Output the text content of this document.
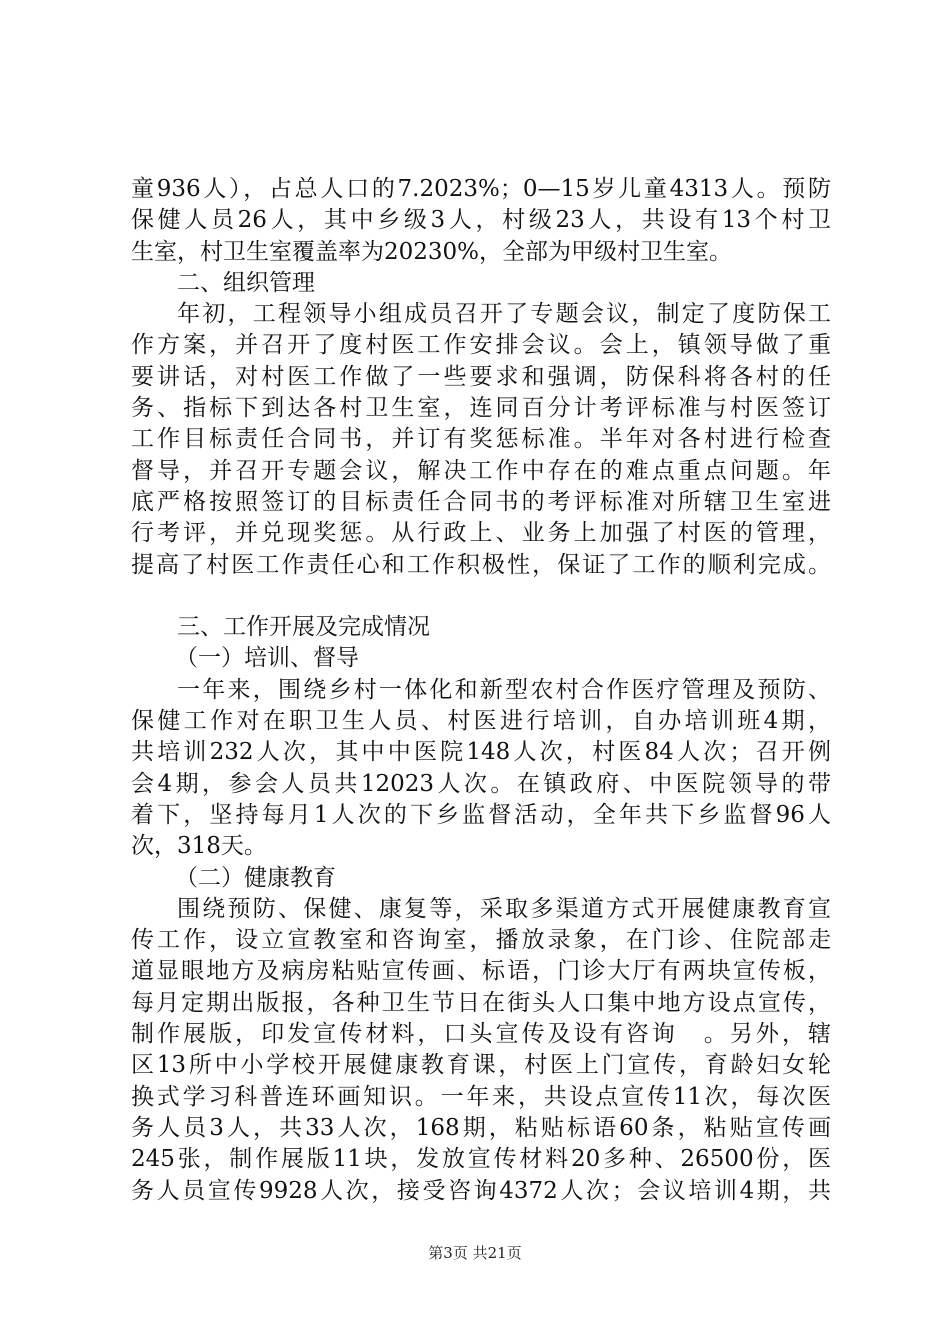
童936人），占总人口的7.2023%；0—15岁儿童4313人。预防
保健人员26人，其中乡级3人，村级23人，共设有13个村卫
生室，村卫生室覆盖率为20230%，全部为甲级村卫生室。
二、组织管理
年初，工程领导小组成员召开了专题会议，制定了度防保工
作方案，并召开了度村医工作安排会议。会上，镇领导做了重
要讲话，对村医工作做了一些要求和强调，防保科将各村的任
务、指标下到达各村卫生室，连同百分计考评标准与村医签订
工作目标责任合同书，并订有奖惩标准。半年对各村进行检查
督导，并召开专题会议，解决工作中存在的难点重点问题。年
底严格按照签订的目标责任合同书的考评标准对所辖卫生室进
行考评，并兑现奖惩。从行政上、业务上加强了村医的管理，
提高了村医工作责任心和工作积极性，保证了工作的顺利完成。
三、工作开展及完成情况
（一）培训、督导
一年来，围绕乡村一体化和新型农村合作医疗管理及预防、
保健工作对在职卫生人员、村医进行培训，自办培训班4期，
共培训232人次，其中中医院148人次，村医84人次；召开例
会4期，参会人员共12023人次。在镇政府、中医院领导的带
着下，坚持每月1人次的下乡监督活动，全年共下乡监督96人
次，318天。
（二）健康教育
围绕预防、保健、康复等，采取多渠道方式开展健康教育宣
传工作，设立宣教室和咨询室，播放录象，在门诊、住院部走
道显眼地方及病房粘贴宣传画、标语，门诊大厅有两块宣传板，
每月定期出版报，各种卫生节日在街头人口集中地方设点宣传，
制作展版，印发宣传材料，口头宣传及设有咨询　。另外，辖
区13所中小学校开展健康教育课，村医上门宣传，育龄妇女轮
换式学习科普连环画知识。一年来，共设点宣传11次，每次医
务人员3人，共33人次，168期，粘贴标语60条，粘贴宣传画
245张，制作展版11块，发放宣传材料20多种、26500份，医
务人员宣传9928人次，接受咨询4372人次；会议培训4期，共
第3页 共21页
